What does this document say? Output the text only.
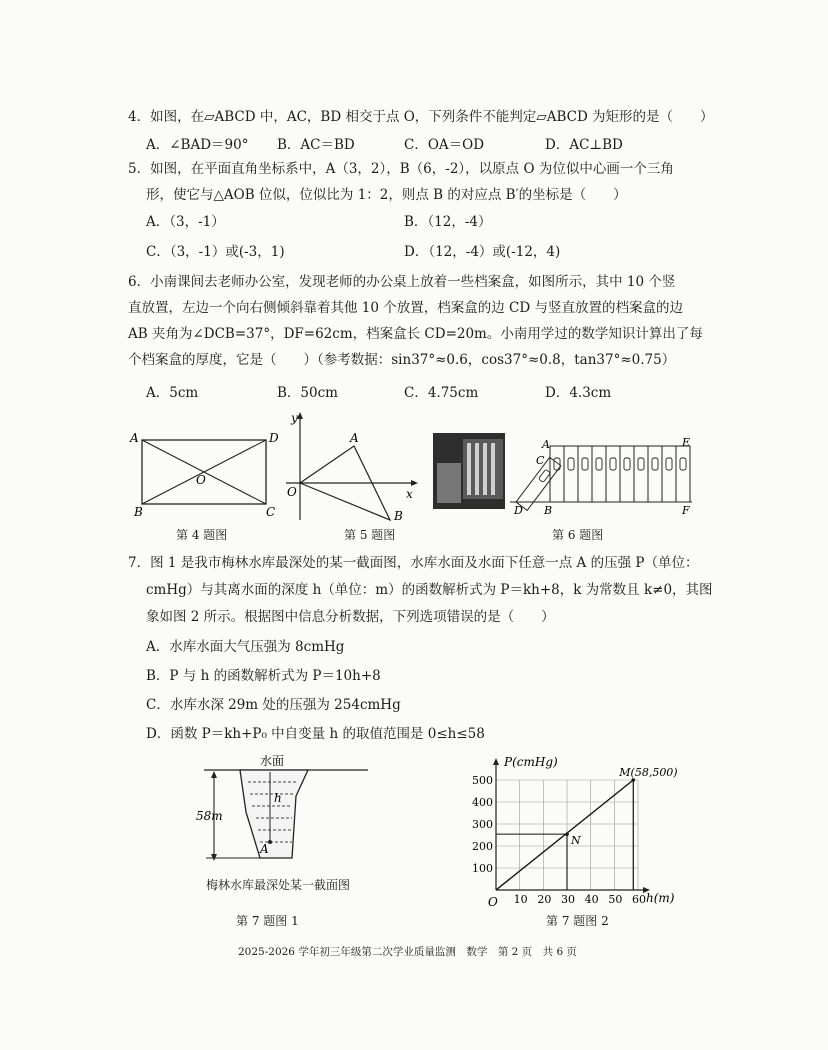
4．如图，在▱ABCD 中，AC，BD 相交于点 O，下列条件不能判定▱ABCD 为矩形的是（　　）
A．∠BAD＝90° B．AC＝BD	C．OA＝OD	D．AC⊥BD
5．如图，在平面直角坐标系中，A（3，2），B（6，-2），以原点 O 为位似中心画一个三角
形，使它与△AOB 位似，位似比为 1：2，则点 B 的对应点 B′的坐标是（　　）
A．（3，-1）	B．（12，-4）
C．（3，-1）或(-3，1)	D．（12，-4）或(-12，4)
6．小南课间去老师办公室，发现老师的办公桌上放着一些档案盒，如图所示，其中 10 个竖
直放置，左边一个向右侧倾斜靠着其他 10 个放置，档案盒的边 CD 与竖直放置的档案盒的边
AB 夹角为∠DCB=37°，DF=62cm，档案盒长 CD=20m。小南用学过的数学知识计算出了每
个档案盒的厚度，它是（　　）（参考数据：sin37°≈0.6，cos37°≈0.8，tan37°≈0.75）
A．5cm	B．50cm	C．4.75cm	D．4.3cm
A	D
B	C
O
第 4 题图
y
A
O	x
B
第 5 题图
A	E
C
D B	F
第 6 题图
7．图 1 是我市梅林水库最深处的某一截面图，水库水面及水面下任意一点 A 的压强 P（单位：
cmHg）与其离水面的深度 h（单位：m）的函数解析式为 P＝kh+8，k 为常数且 k≠0，其图
象如图 2 所示。根据图中信息分析数据，下列选项错误的是（　　）
A．水库水面大气压强为 8cmHg
B．P 与 h 的函数解析式为 P＝10h+8
C．水库水深 29m 处的压强为 254cmHg
D．函数 P＝kh+P₀ 中自变量 h 的取值范围是 0≤h≤58
水面
58m
h
A
梅林水库最深处某一截面图
第 7 题图 1
10 20 30 40 50 60
100
200
300
400
500
M(58,500)
N
P(cmHg)
h(m)
O
第 7 题图 2
2025-2026 学年初三年级第二次学业质量监测　数学　第 2 页　共 6 页
